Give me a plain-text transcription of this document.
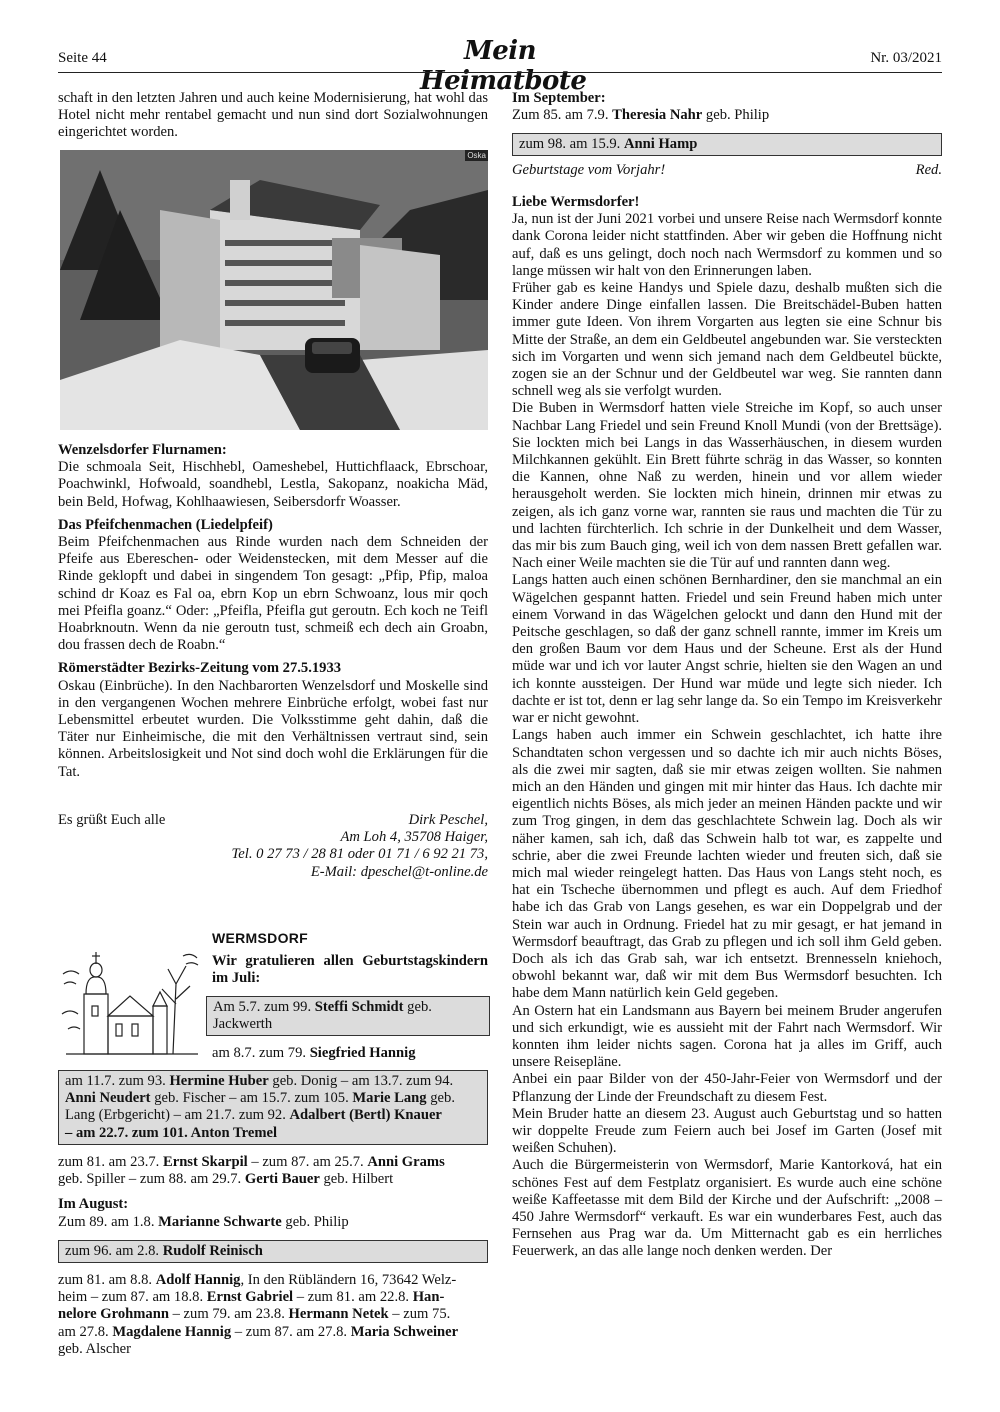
Seite 44	Mein Heimatbote
Nr. 03/2021

schaft in den letzten Jahren und auch keine Modernisierung, hat wohl das Hotel nicht mehr rentabel gemacht und nun sind dort Sozialwohnungen eingerichtet worden.

Oska

Wenzelsdorfer Flurnamen:

Die schmoala Seit, Hischhebl, Oameshebel, Huttichflaack, Ebrschoar, Poachwinkl, Hofwoald, soandhebl, Lestla, Sakopanz, noakicha Mäd, bein Beld, Hofwag, Kohlhaawiesen, Seibersdorfr Woasser.

Das Pfeifchenmachen (Liedelpfeif)

Beim Pfeifchenmachen aus Rinde wurden nach dem Schneiden der Pfeife aus Ebereschen- oder Weidenstecken, mit dem Messer auf die Rinde geklopft und dabei in singendem Ton gesagt: „Pfip, Pfip, maloa schind dr Koaz es Fal oa, ebrn Kop un ebrn Schwoanz, lous mir qoch mei Pfeifla goanz.“ Oder: „Pfeifla, Pfeifla gut geroutn. Ech koch ne Teifl Hoabrknoutn. Wenn da nie geroutn tust, schmeiß ech dech ain Groabn, dou frassen dech de Roabn.“

Römerstädter Bezirks-Zeitung vom 27.5.1933

Oskau (Einbrüche). In den Nachbarorten Wenzelsdorf und Moskelle sind in den vergangenen Wochen mehrere Einbrüche erfolgt, wobei fast nur Lebensmittel erbeutet wurden. Die Volksstimme geht dahin, daß die Täter nur Einheimische, die mit den Verhältnissen vertraut sind, sein können. Arbeitslosigkeit und Not sind doch wohl die Erklärungen für die Tat.

Es grüßt Euch alle	Dirk Peschel,
Am Loh 4, 35708 Haiger,
Tel. 0 27 73 / 28 81 oder 01 71 / 6 92 21 73,
E-Mail: dpeschel@t-online.de

WERMSDORF

Wir gratulieren allen Geburtstagskindern im Juli:

Am 5.7. zum 99. Steffi Schmidt geb. Jackwerth
am 8.7. zum 79. Siegfried Hannig
am 11.7. zum 93. Hermine Huber geb. Donig – am 13.7. zum 94.
Anni Neudert geb. Fischer – am 15.7. zum 105. Marie Lang geb.
Lang (Erbgericht) – am 21.7. zum 92. Adalbert (Bertl) Knauer
– am 22.7. zum 101. Anton Tremel
zum 81. am 23.7. Ernst Skarpil – zum 87. am 25.7. Anni Grams
geb. Spiller – zum 88. am 29.7. Gerti Bauer geb. Hilbert
Im August:
Zum 89. am 1.8. Marianne Schwarte geb. Philip
zum 96. am 2.8. Rudolf Reinisch
zum 81. am 8.8. Adolf Hannig, In den Rübländern 16, 73642 Welz-
heim – zum 87. am 18.8. Ernst Gabriel – zum 81. am 22.8. Han-
nelore Grohmann – zum 79. am 23.8. Hermann Netek – zum 75.
am 27.8. Magdalene Hannig – zum 87. am 27.8. Maria Schweiner
geb. Alscher
Im September:
Zum 85. am 7.9. Theresia Nahr geb. Philip
zum 98. am 15.9. Anni Hamp
Geburtstage vom Vorjahr!	Red.

Liebe Wermsdorfer!

Ja, nun ist der Juni 2021 vorbei und unsere Reise nach Wermsdorf konnte dank Corona leider nicht stattfinden. Aber wir geben die Hoffnung nicht auf, daß es uns gelingt, doch noch nach Wermsdorf zu kommen und so lange müssen wir halt von den Erinnerungen laben.

Früher gab es keine Handys und Spiele dazu, deshalb mußten sich die Kinder andere Dinge einfallen lassen. Die Breitschädel-Buben hatten immer gute Ideen. Von ihrem Vorgarten aus legten sie eine Schnur bis Mitte der Straße, an dem ein Geldbeutel angebunden war. Sie versteckten sich im Vorgarten und wenn sich jemand nach dem Geldbeutel bückte, zogen sie an der Schnur und der Geldbeutel war weg. Sie rannten dann schnell weg als sie verfolgt wurden.

Die Buben in Wermsdorf hatten viele Streiche im Kopf, so auch unser Nachbar Lang Friedel und sein Freund Knoll Mundi (von der Brettsäge). Sie lockten mich bei Langs in das Wasserhäuschen, in diesem wurden Milchkannen gekühlt. Ein Brett führte schräg in das Wasser, so konnten die Kannen, ohne Naß zu werden, hinein und vor allem wieder herausgeholt werden. Sie lockten mich hinein, drinnen mir etwas zu zeigen, als ich ganz vorne war, rannten sie raus und machten die Tür zu und lachten fürchterlich. Ich schrie in der Dunkelheit und dem Wasser, das mir bis zum Bauch ging, weil ich von dem nassen Brett gefallen war. Nach einer Weile machten sie die Tür auf und rannten dann weg.

Langs hatten auch einen schönen Bernhardiner, den sie manchmal an ein Wägelchen gespannt hatten. Friedel und sein Freund haben mich unter einem Vorwand in das Wägelchen gelockt und dann den Hund mit der Peitsche geschlagen, so daß der ganz schnell rannte, immer im Kreis um den großen Baum vor dem Haus und der Scheune. Erst als der Hund müde war und ich vor lauter Angst schrie, hielten sie den Wagen an und ich konnte aussteigen. Der Hund war müde und legte sich nieder. Ich dachte er ist tot, denn er lag sehr lange da. So ein Tempo im Kreisverkehr war er nicht gewohnt.

Langs haben auch immer ein Schwein geschlachtet, ich hatte ihre Schandtaten schon vergessen und so dachte ich mir auch nichts Böses, als die zwei mir sagten, daß sie mir etwas zeigen wollten. Sie nahmen mich an den Händen und gingen mit mir hinter das Haus. Ich dachte mir eigentlich nichts Böses, als mich jeder an meinen Händen packte und wir zum Trog gingen, in dem das geschlachtete Schwein lag. Doch als wir näher kamen, sah ich, daß das Schwein halb tot war, es zappelte und schrie, aber die zwei Freunde lachten wieder und freuten sich, daß sie mich mal wieder reingelegt hatten. Das Haus von Langs steht noch, es hat ein Tscheche übernommen und pflegt es auch. Auf dem Friedhof habe ich das Grab von Langs gesehen, es war ein Doppelgrab und der Stein war auch in Ordnung. Friedel hat zu mir gesagt, er hat jemand in Wermsdorf beauftragt, das Grab zu pflegen und ich soll ihm Geld geben. Doch als ich das Grab sah, war ich entsetzt. Brennesseln kniehoch, obwohl bekannt war, daß wir mit dem Bus Wermsdorf besuchten. Ich habe dem Mann natürlich kein Geld gegeben.

An Ostern hat ein Landsmann aus Bayern bei meinem Bruder angerufen und sich erkundigt, wie es aussieht mit der Fahrt nach Wermsdorf. Wir konnten ihm leider nichts sagen. Corona hat ja alles im Griff, auch unsere Reisepläne.

Anbei ein paar Bilder von der 450-Jahr-Feier von Wermsdorf und der Pflanzung der Linde der Freundschaft zu diesem Fest.

Mein Bruder hatte an diesem 23. August auch Geburtstag und so hatten wir doppelte Freude zum Feiern auch bei Josef im Garten (Josef mit weißen Schuhen).

Auch die Bürgermeisterin von Wermsdorf, Marie Kantorková, hat ein schönes Fest auf dem Festplatz organisiert. Es wurde auch eine schöne weiße Kaffeetasse mit dem Bild der Kirche und der Aufschrift: „2008 – 450 Jahre Wermsdorf“ verkauft. Es war ein wunderbares Fest, auch das Fernsehen aus Prag war da. Um Mitternacht gab es ein herrliches Feuerwerk, an das alle lange noch denken werden. Der
